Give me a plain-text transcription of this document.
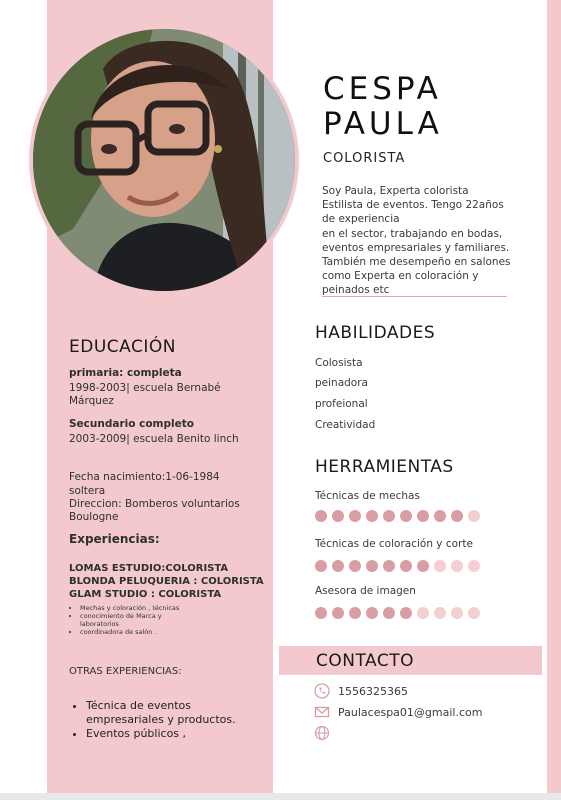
CESPA
PAULA
COLORISTA
Soy Paula, Experta colorista Estilista de eventos. Tengo 22años de experiencia
en el sector, trabajando en bodas, eventos empresariales y familiares. También me desempeño en salones como Experta en coloración y peinados etc
EDUCACIÓN
primaria: completa
1998-2003| escuela Bernabé Márquez
Secundario completo
2003-2009| escuela Benito linch
Fecha nacimiento:1-06-1984
soltera
Direccion: Bomberos voluntarios Boulogne
Experiencias:
LOMAS ESTUDIO:COLORISTA
BLONDA PELUQUERIA : COLORISTA
GLAM STUDIO : COLORISTA
• Mechas y coloración , técnicas
• conocimiento de Marca y laboratorios
• coordinadora de salón .
OTRAS EXPERIENCIAS:
• Técnica de eventos empresariales y productos.
• Eventos públicos ,
HABILIDADES
Colosista
peinadora
profeional
Creatividad
HERRAMIENTAS
Técnicas de mechas
Técnicas de coloración y corte
Asesora de imagen
CONTACTO
1556325365
Paulacespa01@gmail.com
